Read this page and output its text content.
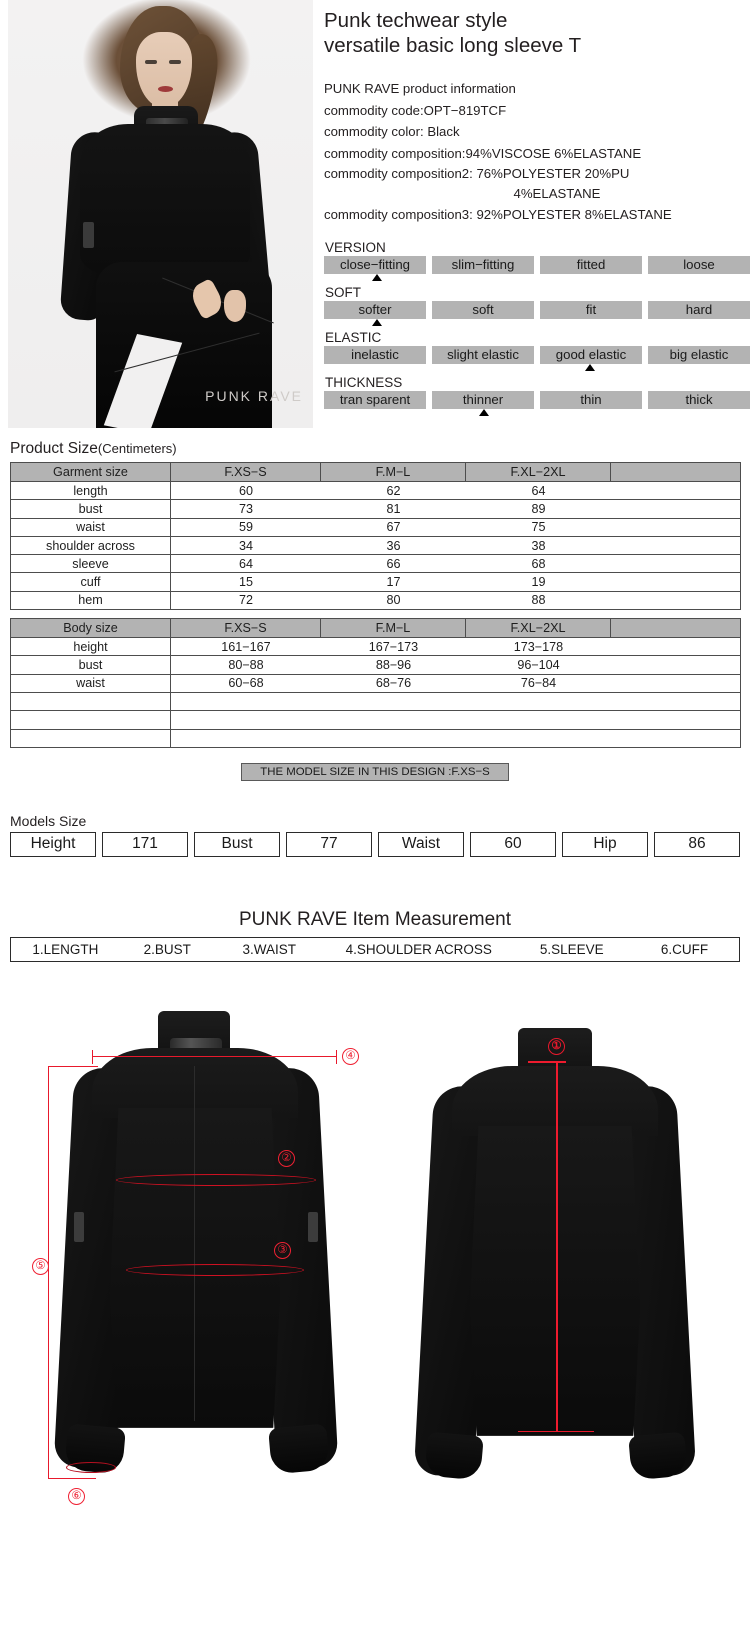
PUNK RAVE
Punk techwear style
versatile basic long sleeve T
PUNK RAVE product information
commodity code:OPT−819TCF
commodity color: Black
commodity composition:94%VISCOSE 6%ELASTANE
commodity composition2: 76%POLYESTER 20%PU
4%ELASTANE
commodity composition3: 92%POLYESTER 8%ELASTANE
VERSION
close−fitting	slim−fitting	fitted	loose
SOFT
softer	soft	fit	hard
ELASTIC
inelastic	slight elastic	good elastic	big elastic
THICKNESS
tran sparent	thinner	thin	thick
Product Size(Centimeters)
Garment size	F.XS−S	F.M−L	F.XL−2XL	
length	60 62 64			

bust	73 81 89			

waist	59 67 75			

shoulder across	34 36 38			

sleeve	64 66 68			

cuff	15 17 19			

hem	72 80 88			
Body size	F.XS−S	F.M−L	F.XL−2XL	
height	161−167 167−173 173−178			

bust	80−88 88−96 96−104			

waist	60−68 68−76 76−84			

THE MODEL SIZE IN THIS DESIGN :F.XS−S
Models Size
Height	171	Bust	77	Waist	60	Hip	86
PUNK RAVE Item Measurement
1.LENGTH	2.BUST	3.WAIST	4.SHOULDER ACROSS	5.SLEEVE	6.CUFF
④
②
③
⑤
⑥
①
